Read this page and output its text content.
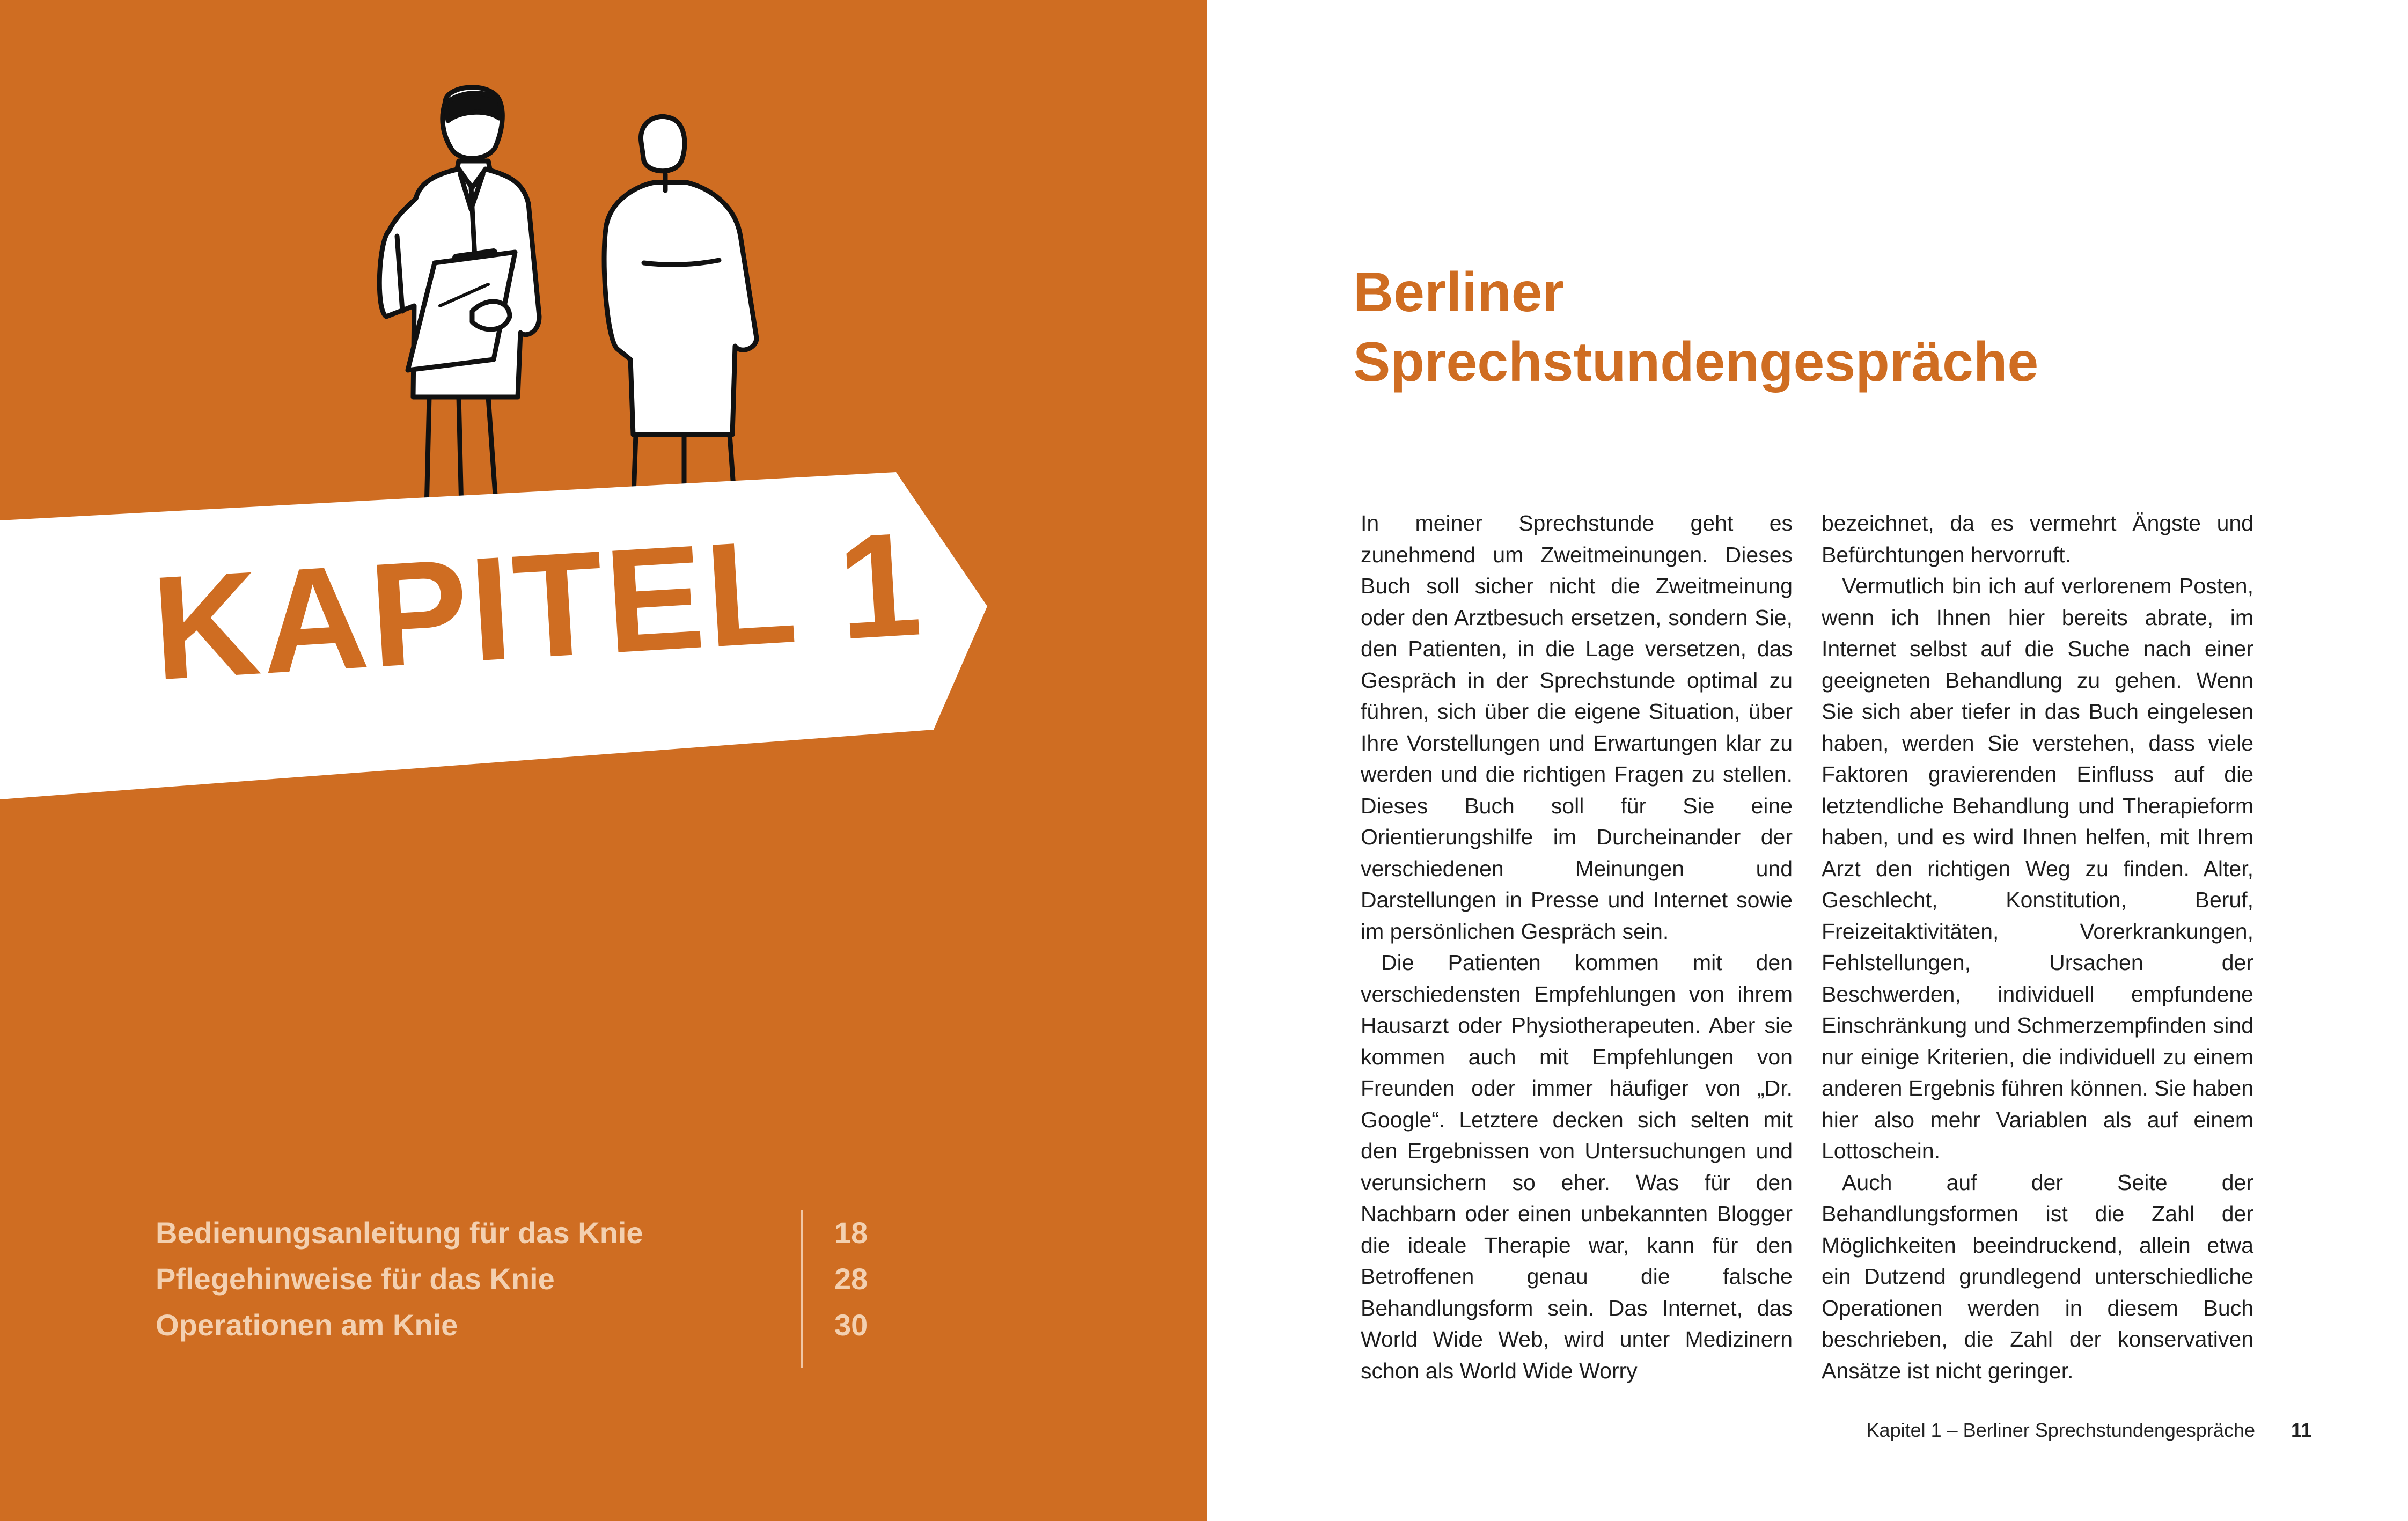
KAPITEL 1
Bedienungsanleitung für das Knie	18
Pflegehinweise für das Knie	28
Operationen am Knie	30
Berliner
Sprechstundengespräche

In meiner Sprechstunde geht es zunehmend um Zweitmeinungen. Dieses Buch soll sicher nicht die Zweitmeinung oder den Arztbesuch ersetzen, sondern Sie, den Patienten, in die Lage versetzen, das Gespräch in der Sprechstunde optimal zu führen, sich über die eigene Situation, über Ihre Vorstellungen und Erwartungen klar zu werden und die richtigen Fragen zu stellen. Dieses Buch soll für Sie eine Orientierungshilfe im Durcheinander der verschiedenen Meinungen und Darstellungen in Presse und Internet sowie im persönlichen Gespräch sein.

Die Patienten kommen mit den verschiedensten Empfehlungen von ihrem Hausarzt oder Physiotherapeuten. Aber sie kommen auch mit Empfehlungen von Freunden oder immer häufiger von „Dr. Google“. Letztere decken sich selten mit den Ergebnissen von Untersuchungen und verunsichern so eher. Was für den Nachbarn oder einen unbekannten Blogger die ideale Therapie war, kann für den Betroffenen genau die falsche Behandlungsform sein. Das Internet, das World Wide Web, wird unter Medizinern schon als World Wide Worry

bezeichnet, da es vermehrt Ängste und Befürchtungen hervorruft.

Vermutlich bin ich auf verlorenem Posten, wenn ich Ihnen hier bereits abrate, im Internet selbst auf die Suche nach einer geeigneten Behandlung zu gehen. Wenn Sie sich aber tiefer in das Buch eingelesen haben, werden Sie verstehen, dass viele Faktoren gravierenden Einfluss auf die letztendliche Behandlung und Therapieform haben, und es wird Ihnen helfen, mit Ihrem Arzt den richtigen Weg zu finden. Alter, Geschlecht, Konstitution, Beruf, Freizeitaktivitäten, Vorerkrankungen, Fehlstellungen, Ursachen der Beschwerden, individuell empfundene Einschränkung und Schmerzempfinden sind nur einige Kriterien, die individuell zu einem anderen Ergebnis führen können. Sie haben hier also mehr Variablen als auf einem Lottoschein.

Auch auf der Seite der Behandlungsformen ist die Zahl der Möglichkeiten beeindruckend, allein etwa ein Dutzend grundlegend unterschiedliche Operationen werden in diesem Buch beschrieben, die Zahl der konservativen Ansätze ist nicht geringer.

Kapitel 1 – Berliner Sprechstundengespräche 11
